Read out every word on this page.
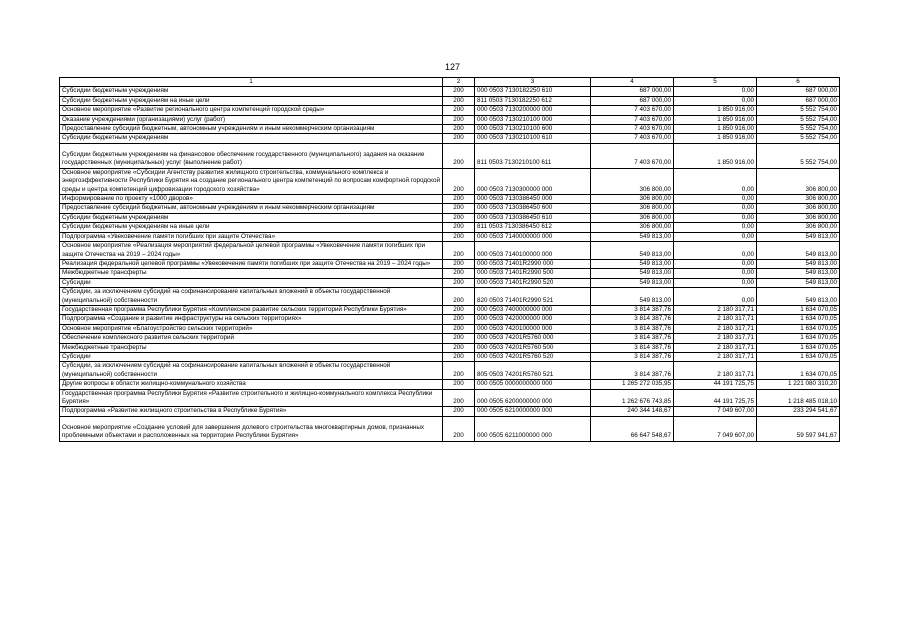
127
1	2	3	4	5	6
Субсидии бюджетным учреждениям	200	000 0503 7130182250 610	687 000,00	0,00	687 000,00
Субсидии бюджетным учреждениям на иные цели	200	811 0503 7130182250 612	687 000,00	0,00	687 000,00
Основное мероприятие «Развитие регионального центра компетенций городской среды»	200	000 0503 7130200000 000	7 403 670,00	1 850 916,00	5 552 754,00
Оказание учреждениями (организациями) услуг (работ)	200	000 0503 7130210100 000	7 403 670,00	1 850 916,00	5 552 754,00
Предоставление субсидий бюджетным, автономным учреждениям и иным некоммерческим организациям	200	000 0503 7130210100 600	7 403 670,00	1 850 916,00	5 552 754,00
Субсидии бюджетным учреждениям	200	000 0503 7130210100 610	7 403 670,00	1 850 916,00	5 552 754,00
Субсидии бюджетным учреждениям на финансовое обеспечение государственного (муниципального) задания на оказание государственных (муниципальных) услуг (выполнение работ)	200	811 0503 7130210100 611	7 403 670,00	1 850 916,00	5 552 754,00
Основное мероприятие «Субсидии Агентству развития жилищного строительства, коммунального комплекса и энергоэффективности Республики Бурятия на создание регионального центра компетенций по вопросам комфортной городской среды и центра компетенций цифровизации городского хозяйства»	200	000 0503 7130300000 000	306 800,00	0,00	306 800,00
Информирование по проекту «1000 дворов»	200	000 0503 7130386450 000	306 800,00	0,00	306 800,00
Предоставление субсидий бюджетным, автономным учреждениям и иным некоммерческим организациям	200	000 0503 7130386450 600	306 800,00	0,00	306 800,00
Субсидии бюджетным учреждениям	200	000 0503 7130386450 610	306 800,00	0,00	306 800,00
Субсидии бюджетным учреждениям на иные цели	200	811 0503 7130386450 612	306 800,00	0,00	306 800,00
Подпрограмма «Увековечение памяти погибших при защите Отечества»	200	000 0503 7140000000 000	549 813,00	0,00	549 813,00
Основное мероприятие «Реализация мероприятий федеральной целевой программы «Увековечение памяти погибших при защите Отечества на 2019 – 2024 годы»	200	000 0503 7140100000 000	549 813,00	0,00	549 813,00
Реализация федеральной целевой программы «Увековечение памяти погибших при защите Отечества на 2019 – 2024 годы»	200	000 0503 71401R2990 000	549 813,00	0,00	549 813,00
Межбюджетные трансферты	200	000 0503 71401R2990 500	549 813,00	0,00	549 813,00
Субсидии	200	000 0503 71401R2990 520	549 813,00	0,00	549 813,00
Субсидии, за исключением субсидий на софинансирование капитальных вложений в объекты государственной (муниципальной) собственности	200	820 0503 71401R2990 521	549 813,00	0,00	549 813,00
Государственная программа Республики Бурятия «Комплексное развитие сельских территорий Республики Бурятия»	200	000 0503 7400000000 000	3 814 387,76	2 180 317,71	1 634 070,05
Подпрограмма «Создание и развитие инфраструктуры на сельских территориях»	200	000 0503 7420000000 000	3 814 387,76	2 180 317,71	1 634 070,05
Основное мероприятие «Благоустройство сельских территорий»	200	000 0503 7420100000 000	3 814 387,76	2 180 317,71	1 634 070,05
Обеспечение комплексного развития сельских территорий	200	000 0503 74201R5760 000	3 814 387,76	2 180 317,71	1 634 070,05
Межбюджетные трансферты	200	000 0503 74201R5760 500	3 814 387,76	2 180 317,71	1 634 070,05
Субсидии	200	000 0503 74201R5760 520	3 814 387,76	2 180 317,71	1 634 070,05
Субсидии, за исключением субсидий на софинансирование капитальных вложений в объекты государственной (муниципальной) собственности	200	805 0503 74201R5760 521	3 814 387,76	2 180 317,71	1 634 070,05
Другие вопросы в области жилищно-коммунального хозяйства	200	000 0505 0000000000 000	1 265 272 035,95	44 191 725,75	1 221 080 310,20
Государственная программа Республики Бурятия «Развитие строительного и жилищно-коммунального комплекса Республики Бурятия»	200	000 0505 6200000000 000	1 262 676 743,85	44 191 725,75	1 218 485 018,10
Подпрограмма «Развитие жилищного строительства в Республике Бурятия»	200	000 0505 6210000000 000	240 344 148,67	7 049 607,00	233 294 541,67
Основное мероприятие «Создание условий для завершения долевого строительства многоквартирных домов, признанных проблемными объектами и расположенных на территории Республики Бурятия»	200	000 0505 6211000000 000	66 647 548,67	7 049 607,00	59 597 941,67
